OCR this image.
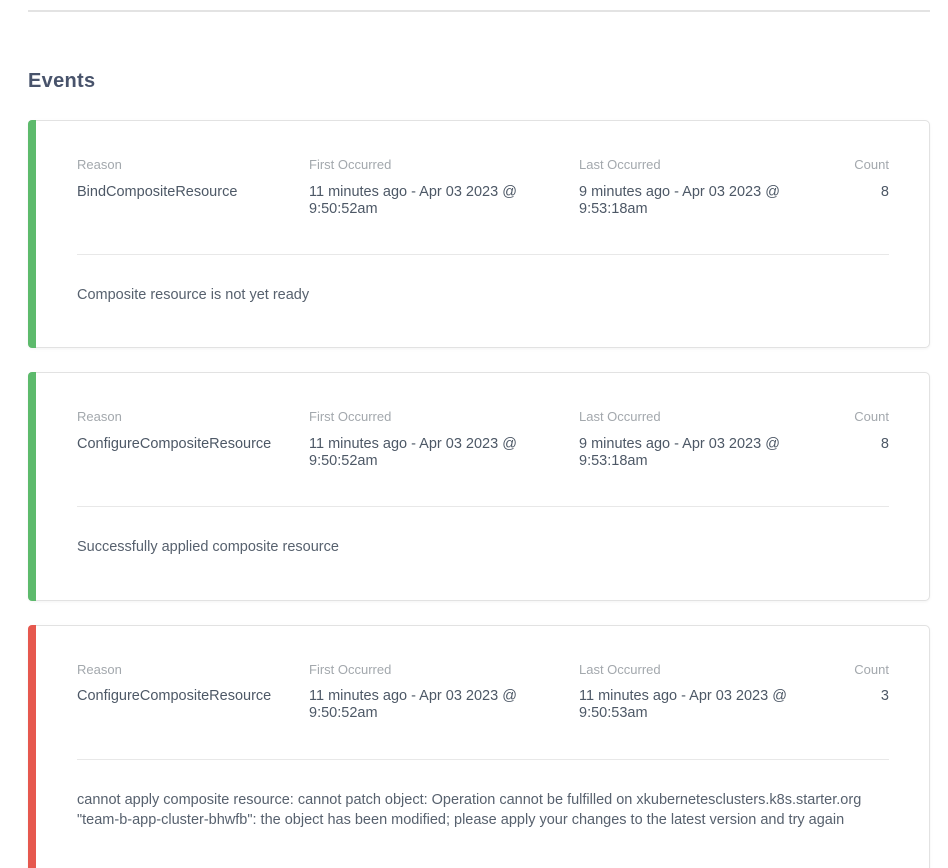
Events
Reason
BindCompositeResource
First Occurred
11 minutes ago - Apr 03 2023 @ 9:50:52am
Last Occurred
9 minutes ago - Apr 03 2023 @ 9:53:18am
Count
8

Composite resource is not yet ready

Reason
ConfigureCompositeResource
First Occurred
11 minutes ago - Apr 03 2023 @ 9:50:52am
Last Occurred
9 minutes ago - Apr 03 2023 @ 9:53:18am
Count
8

Successfully applied composite resource

Reason
ConfigureCompositeResource
First Occurred
11 minutes ago - Apr 03 2023 @ 9:50:52am
Last Occurred
11 minutes ago - Apr 03 2023 @ 9:50:53am
Count
3

cannot apply composite resource: cannot patch object: Operation cannot be fulfilled on xkubernetesclusters.k8s.starter.org "team-b-app-cluster-bhwfb": the object has been modified; please apply your changes to the latest version and try again
